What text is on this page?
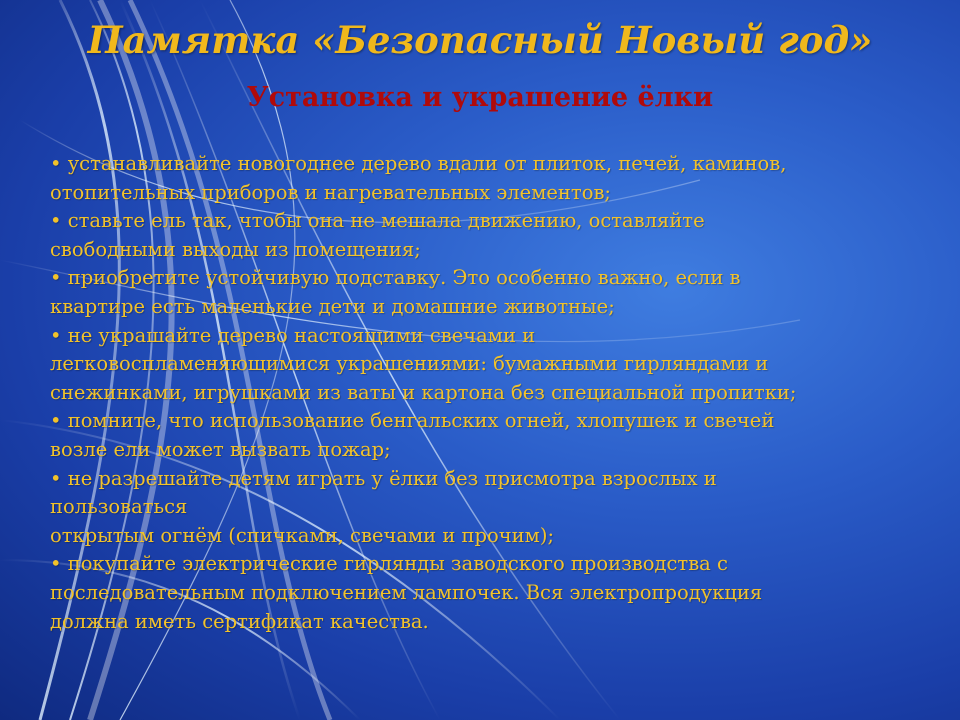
Памятка «Безопасный Новый год»
Установка и украшение ёлки

• устанавливайте новогоднее дерево вдали от плиток, печей, каминов,

отопительных приборов и нагревательных элементов;

• ставьте ель так, чтобы она не мешала движению, оставляйте

свободными выходы из помещения;

• приобретите устойчивую подставку. Это особенно важно, если в

квартире есть маленькие дети и домашние животные;

• не украшайте дерево настоящими свечами и

легковоспламеняющимися украшениями: бумажными гирляндами и

снежинками, игрушками из ваты и картона без специальной пропитки;

• помните, что использование бенгальских огней, хлопушек и свечей

возле ели может вызвать пожар;

• не разрешайте детям играть у ёлки без присмотра взрослых и

пользоваться

открытым огнём (спичками, свечами и прочим);

• покупайте электрические гирлянды заводского производства с

последовательным подключением лампочек. Вся электропродукция

должна иметь сертификат качества.
